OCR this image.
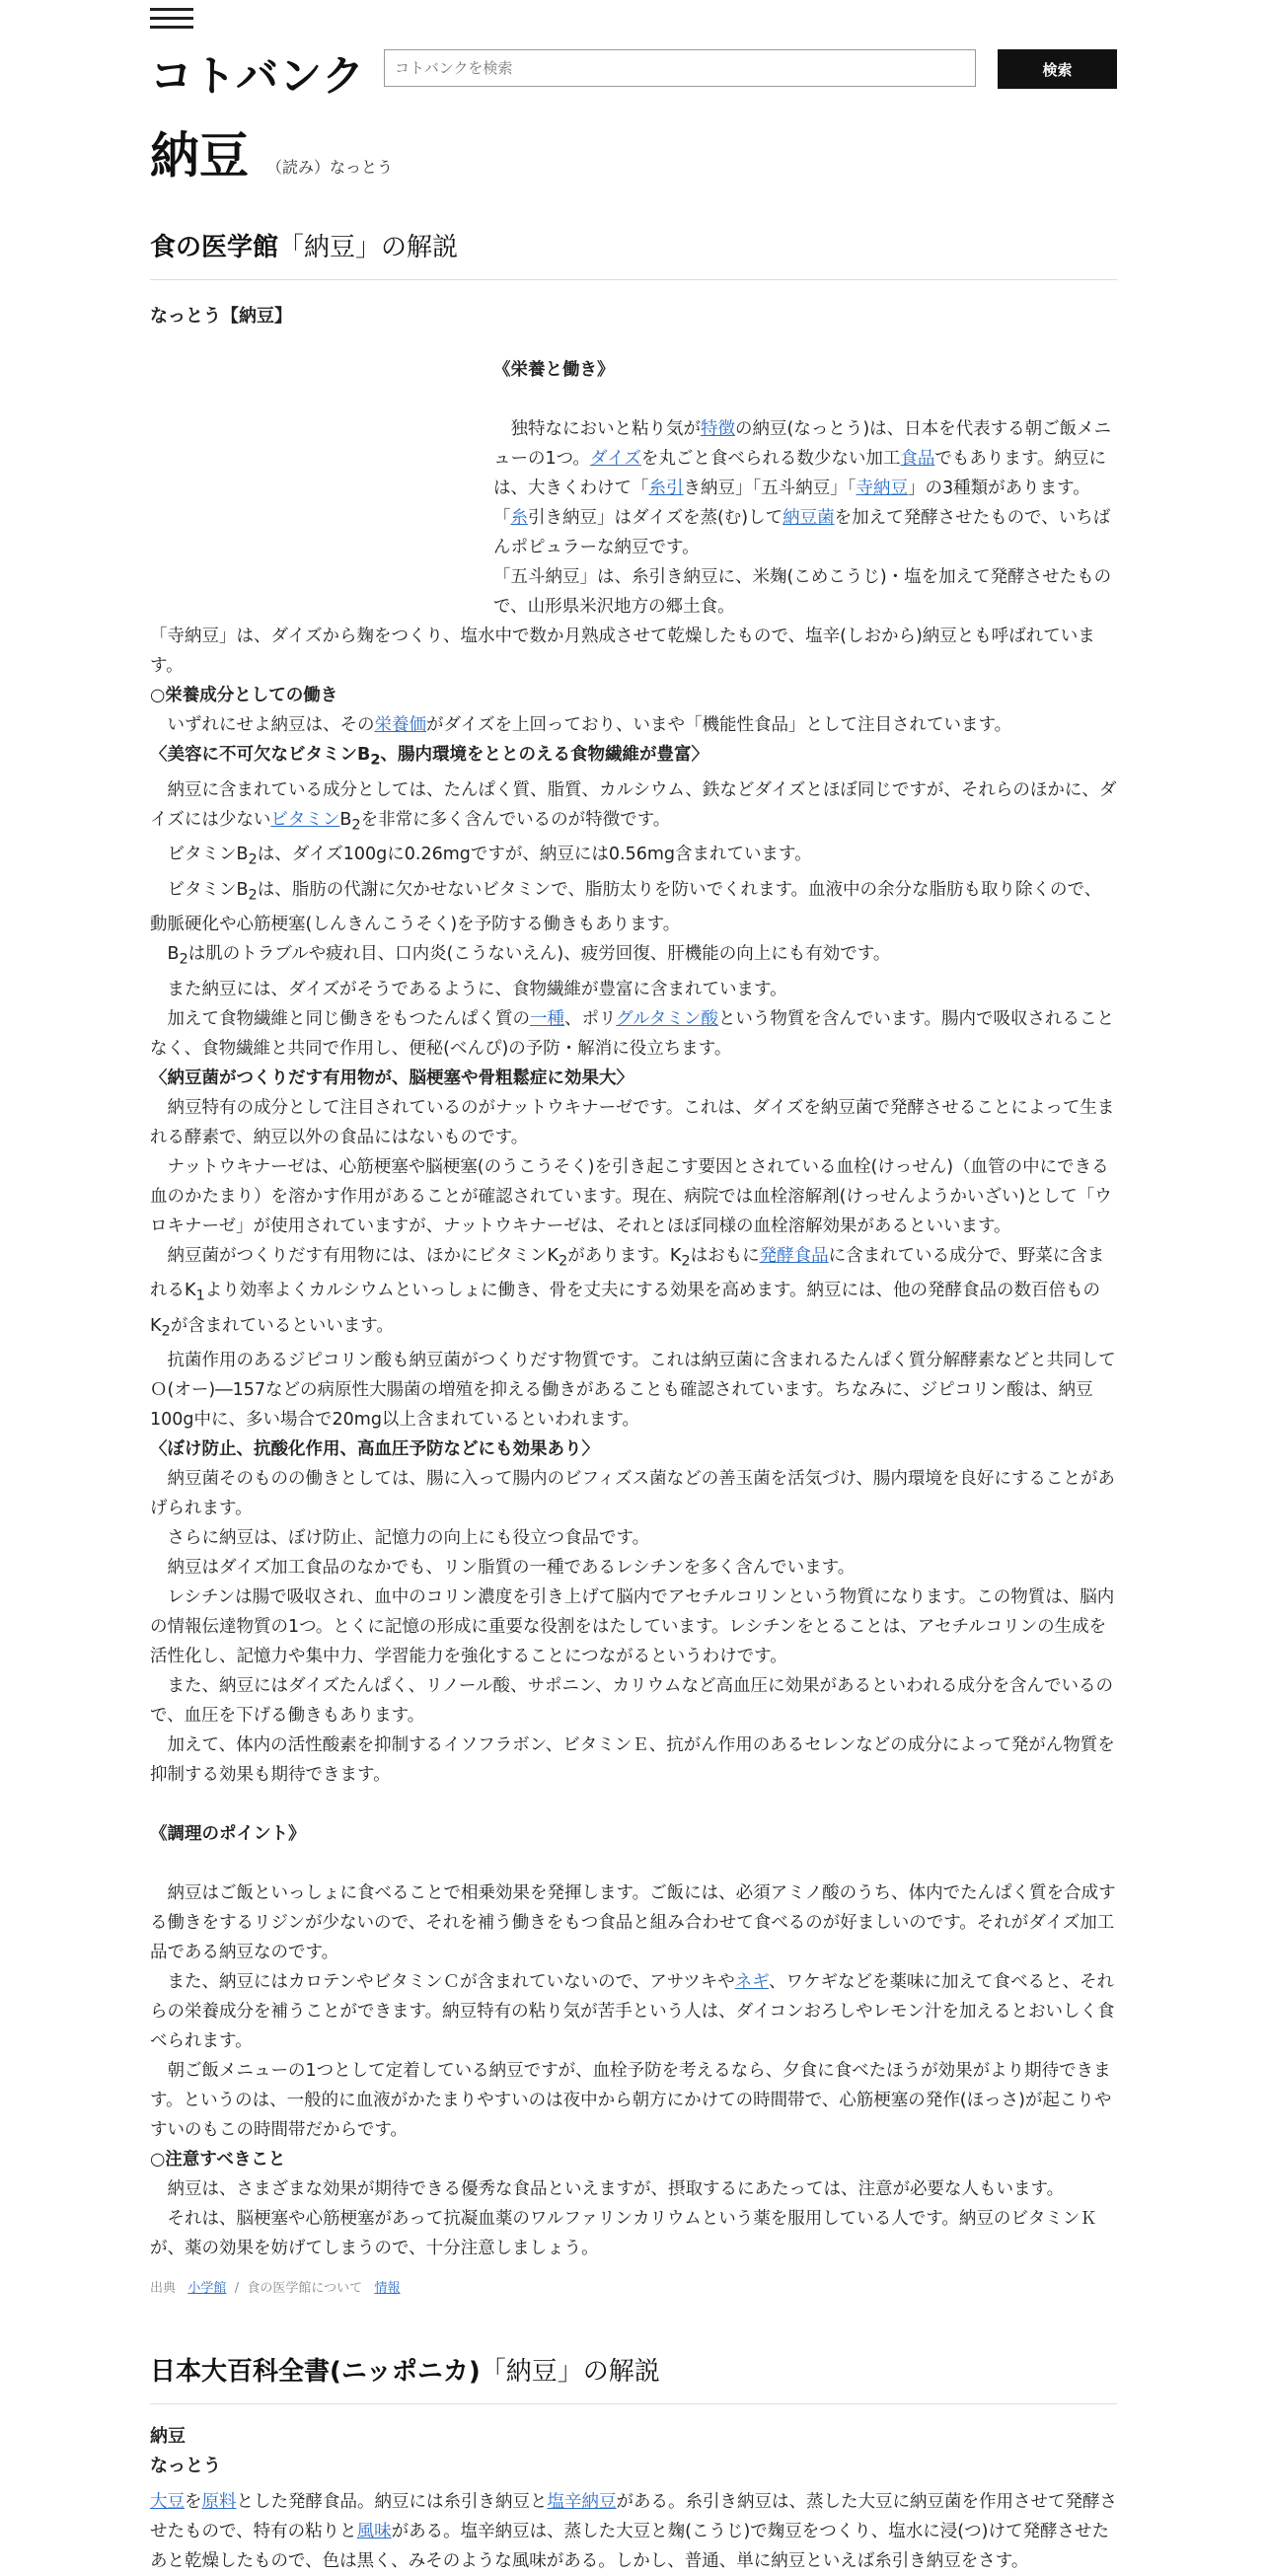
コトバンク
コトバンクを検索	検索
納豆 （読み）なっとう
食の医学館「納豆」の解説
なっとう【納豆】

《栄養と働き》

独特なにおいと粘り気が特徴の納豆(なっとう)は、日本を代表する朝ご飯メニューの1つ。ダイズを丸ごと食べられる数少ない加工食品でもあります。納豆には、大きくわけて「糸引き納豆」「五斗納豆」「寺納豆」の3種類があります。

「糸引き納豆」はダイズを蒸(む)して納豆菌を加えて発酵させたもので、いちばんポピュラーな納豆です。

「五斗納豆」は、糸引き納豆に、米麹(こめこうじ)・塩を加えて発酵させたもので、山形県米沢地方の郷土食。

「寺納豆」は、ダイズから麹をつくり、塩水中で数か月熟成させて乾燥したもので、塩辛(しおから)納豆とも呼ばれています。

○栄養成分としての働き

いずれにせよ納豆は、その栄養価がダイズを上回っており、いまや「機能性食品」として注目されています。

〈美容に不可欠なビタミン$B_2$、腸内環境をととのえる食物繊維が豊富〉

納豆に含まれている成分としては、たんぱく質、脂質、カルシウム、鉄などダイズとほぼ同じですが、それらのほかに、ダイズには少ないビタミン$B_2$を非常に多く含んでいるのが特徴です。

ビタミン$B_2$は、ダイズ100gに0.26mgですが、納豆には0.56mg含まれています。

ビタミン$B_2$は、脂肪の代謝に欠かせないビタミンで、脂肪太りを防いでくれます。血液中の余分な脂肪も取り除くので、動脈硬化や心筋梗塞(しんきんこうそく)を予防する働きもあります。

$B_2$は肌のトラブルや疲れ目、口内炎(こうないえん)、疲労回復、肝機能の向上にも有効です。

また納豆には、ダイズがそうであるように、食物繊維が豊富に含まれています。

加えて食物繊維と同じ働きをもつたんぱく質の一種、ポリグルタミン酸という物質を含んでいます。腸内で吸収されることなく、食物繊維と共同で作用し、便秘(べんぴ)の予防・解消に役立ちます。

〈納豆菌がつくりだす有用物が、脳梗塞や骨粗鬆症に効果大〉

納豆特有の成分として注目されているのがナットウキナーゼです。これは、ダイズを納豆菌で発酵させることによって生まれる酵素で、納豆以外の食品にはないものです。

ナットウキナーゼは、心筋梗塞や脳梗塞(のうこうそく)を引き起こす要因とされている血栓(けっせん)（血管の中にできる血のかたまり）を溶かす作用があることが確認されています。現在、病院では血栓溶解剤(けっせんようかいざい)として「ウロキナーゼ」が使用されていますが、ナットウキナーゼは、それとほぼ同様の血栓溶解効果があるといいます。

納豆菌がつくりだす有用物には、ほかにビタミン$K_2$があります。$K_2$はおもに発酵食品に含まれている成分で、野菜に含まれる$K_1$より効率よくカルシウムといっしょに働き、骨を丈夫にする効果を高めます。納豆には、他の発酵食品の数百倍もの$K_2$が含まれているといいます。

抗菌作用のあるジピコリン酸も納豆菌がつくりだす物質です。これは納豆菌に含まれるたんぱく質分解酵素などと共同してＯ(オー)―157などの病原性大腸菌の増殖を抑える働きがあることも確認されています。ちなみに、ジピコリン酸は、納豆100g中に、多い場合で20mg以上含まれているといわれます。

〈ぼけ防止、抗酸化作用、高血圧予防などにも効果あり〉

納豆菌そのものの働きとしては、腸に入って腸内のビフィズス菌などの善玉菌を活気づけ、腸内環境を良好にすることがあげられます。

さらに納豆は、ぼけ防止、記憶力の向上にも役立つ食品です。

納豆はダイズ加工食品のなかでも、リン脂質の一種であるレシチンを多く含んでいます。

レシチンは腸で吸収され、血中のコリン濃度を引き上げて脳内でアセチルコリンという物質になります。この物質は、脳内の情報伝達物質の1つ。とくに記憶の形成に重要な役割をはたしています。レシチンをとることは、アセチルコリンの生成を活性化し、記憶力や集中力、学習能力を強化することにつながるというわけです。

また、納豆にはダイズたんぱく、リノール酸、サポニン、カリウムなど高血圧に効果があるといわれる成分を含んでいるので、血圧を下げる働きもあります。

加えて、体内の活性酸素を抑制するイソフラボン、ビタミンＥ、抗がん作用のあるセレンなどの成分によって発がん物質を抑制する効果も期待できます。

《調理のポイント》

納豆はご飯といっしょに食べることで相乗効果を発揮します。ご飯には、必須アミノ酸のうち、体内でたんぱく質を合成する働きをするリジンが少ないので、それを補う働きをもつ食品と組み合わせて食べるのが好ましいのです。それがダイズ加工品である納豆なのです。

また、納豆にはカロテンやビタミンＣが含まれていないので、アサツキやネギ、ワケギなどを薬味に加えて食べると、それらの栄養成分を補うことができます。納豆特有の粘り気が苦手という人は、ダイコンおろしやレモン汁を加えるとおいしく食べられます。

朝ご飯メニューの1つとして定着している納豆ですが、血栓予防を考えるなら、夕食に食べたほうが効果がより期待できます。というのは、一般的に血液がかたまりやすいのは夜中から朝方にかけての時間帯で、心筋梗塞の発作(ほっさ)が起こりやすいのもこの時間帯だからです。

○注意すべきこと

納豆は、さまざまな効果が期待できる優秀な食品といえますが、摂取するにあたっては、注意が必要な人もいます。

それは、脳梗塞や心筋梗塞があって抗凝血薬のワルファリンカリウムという薬を服用している人です。納豆のビタミンＫが、薬の効果を妨げてしまうので、十分注意しましょう。

出典 小学館  /  食の医学館について 情報
日本大百科全書(ニッポニカ)「納豆」の解説
納豆
なっとう

大豆を原料とした発酵食品。納豆には糸引き納豆と塩辛納豆がある。糸引き納豆は、蒸した大豆に納豆菌を作用させて発酵させたもので、特有の粘りと風味がある。塩辛納豆は、蒸した大豆と麹(こうじ)で麹豆をつくり、塩水に浸(つ)けて発酵させたあと乾燥したもので、色は黒く、みそのような風味がある。しかし、普通、単に納豆といえば糸引き納豆をさす。
